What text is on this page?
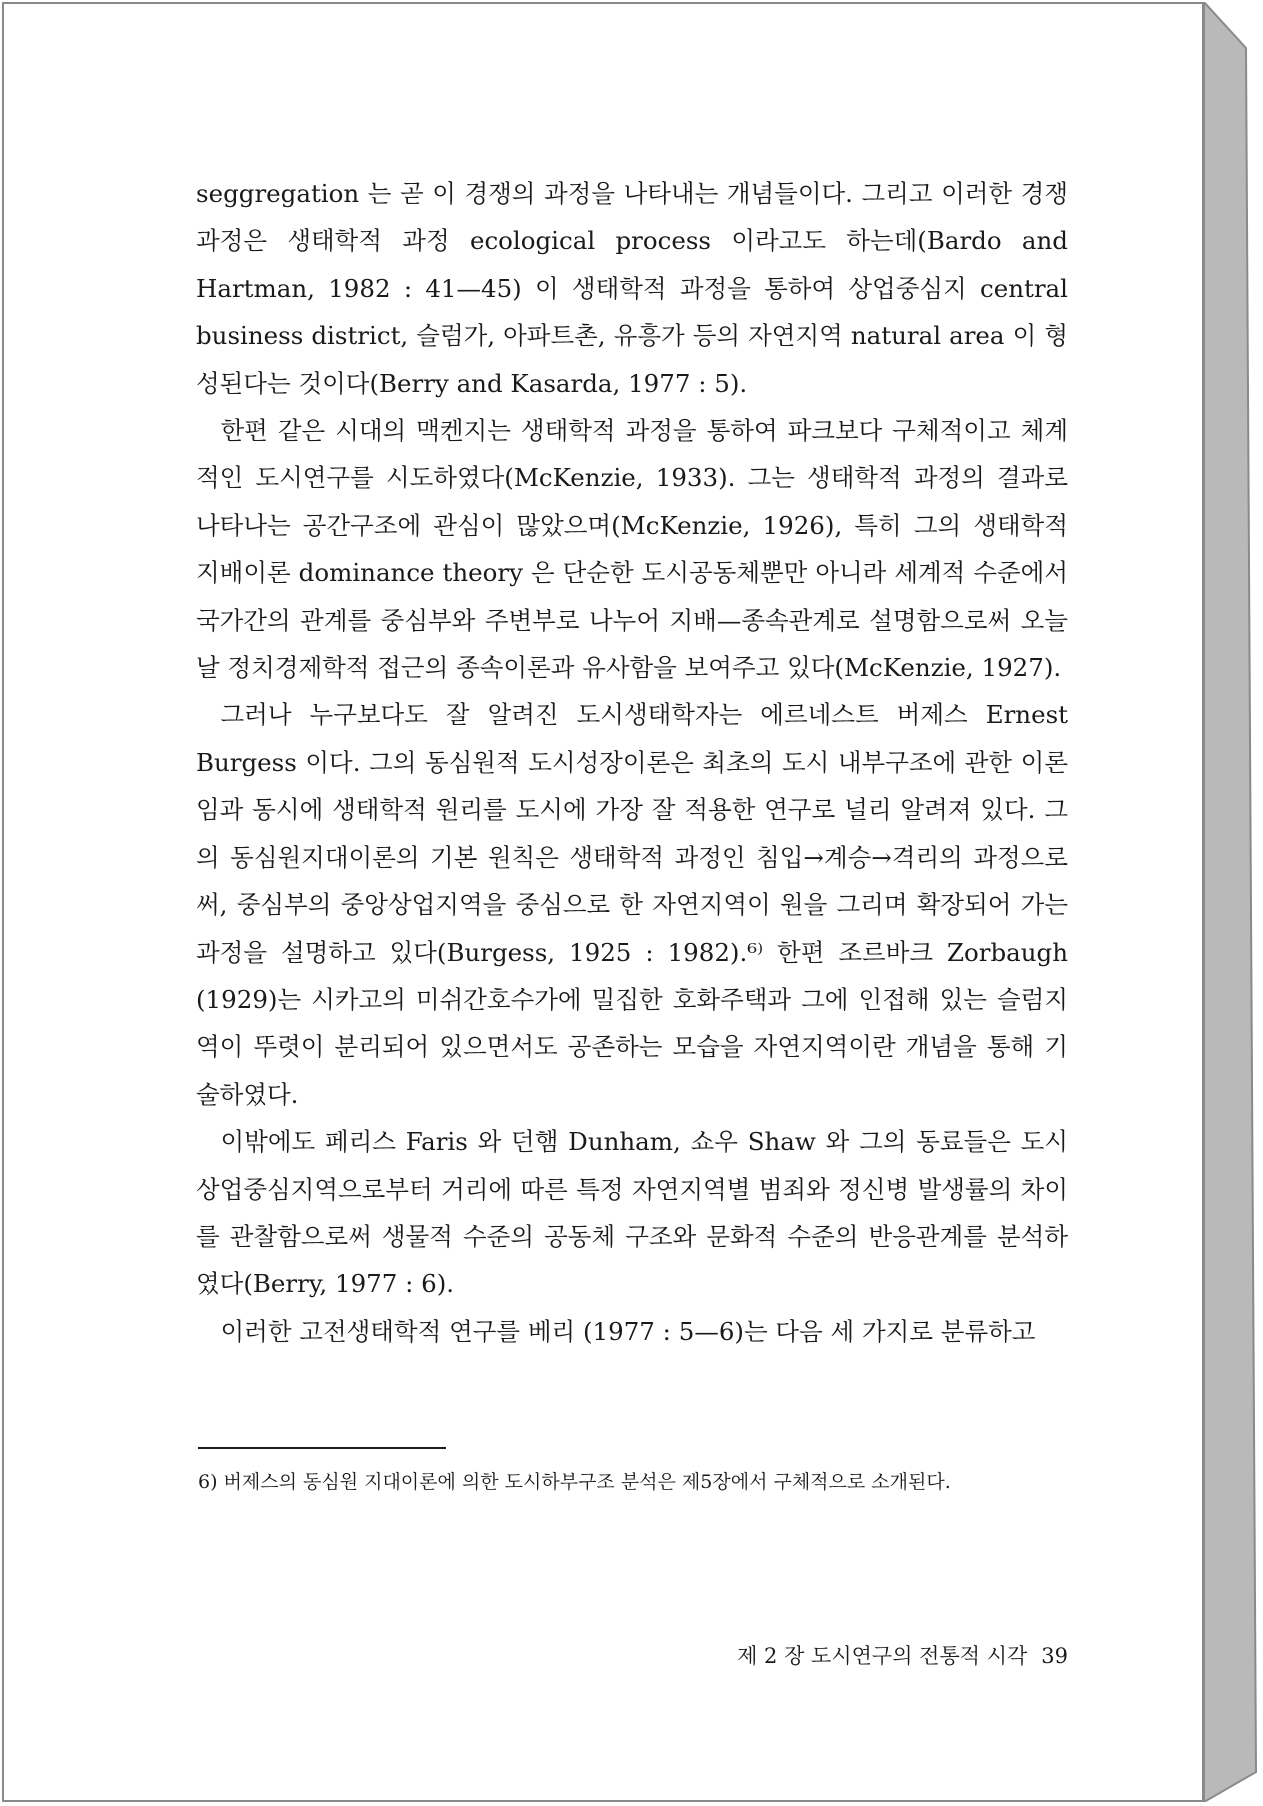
seggregation 는 곧 이 경쟁의 과정을 나타내는 개념들이다. 그리고 이러한 경쟁과정은 생태학적 과정 ecological process 이라고도 하는데(Bardo and Hartman, 1982 : 41—45) 이 생태학적 과정을 통하여 상업중심지 central business district, 슬럼가, 아파트촌, 유흥가 등의 자연지역 natural area 이 형성된다는 것이다(Berry and Kasarda, 1977 : 5).

한편 같은 시대의 맥켄지는 생태학적 과정을 통하여 파크보다 구체적이고 체계적인 도시연구를 시도하였다(McKenzie, 1933). 그는 생태학적 과정의 결과로 나타나는 공간구조에 관심이 많았으며(McKenzie, 1926), 특히 그의 생태학적 지배이론 dominance theory 은 단순한 도시공동체뿐만 아니라 세계적 수준에서 국가간의 관계를 중심부와 주변부로 나누어 지배—종속관계로 설명함으로써 오늘날 정치경제학적 접근의 종속이론과 유사함을 보여주고 있다(McKenzie, 1927).

그러나 누구보다도 잘 알려진 도시생태학자는 에르네스트 버제스 Ernest Burgess 이다. 그의 동심원적 도시성장이론은 최초의 도시 내부구조에 관한 이론임과 동시에 생태학적 원리를 도시에 가장 잘 적용한 연구로 널리 알려져 있다. 그의 동심원지대이론의 기본 원칙은 생태학적 과정인 침입→계승→격리의 과정으로써, 중심부의 중앙상업지역을 중심으로 한 자연지역이 원을 그리며 확장되어 가는 과정을 설명하고 있다(Burgess, 1925 : 1982).⁶⁾ 한편 조르바크 Zorbaugh (1929)는 시카고의 미쉬간호수가에 밀집한 호화주택과 그에 인접해 있는 슬럼지역이 뚜렷이 분리되어 있으면서도 공존하는 모습을 자연지역이란 개념을 통해 기술하였다.

이밖에도 페리스 Faris 와 던햄 Dunham, 쇼우 Shaw 와 그의 동료들은 도시 상업중심지역으로부터 거리에 따른 특정 자연지역별 범죄와 정신병 발생률의 차이를 관찰함으로써 생물적 수준의 공동체 구조와 문화적 수준의 반응관계를 분석하였다(Berry, 1977 : 6).

이러한 고전생태학적 연구를 베리 (1977 : 5—6)는 다음 세 가지로 분류하고

6) 버제스의 동심원 지대이론에 의한 도시하부구조 분석은 제5장에서 구체적으로 소개된다.
제 2 장 도시연구의 전통적 시각 39
